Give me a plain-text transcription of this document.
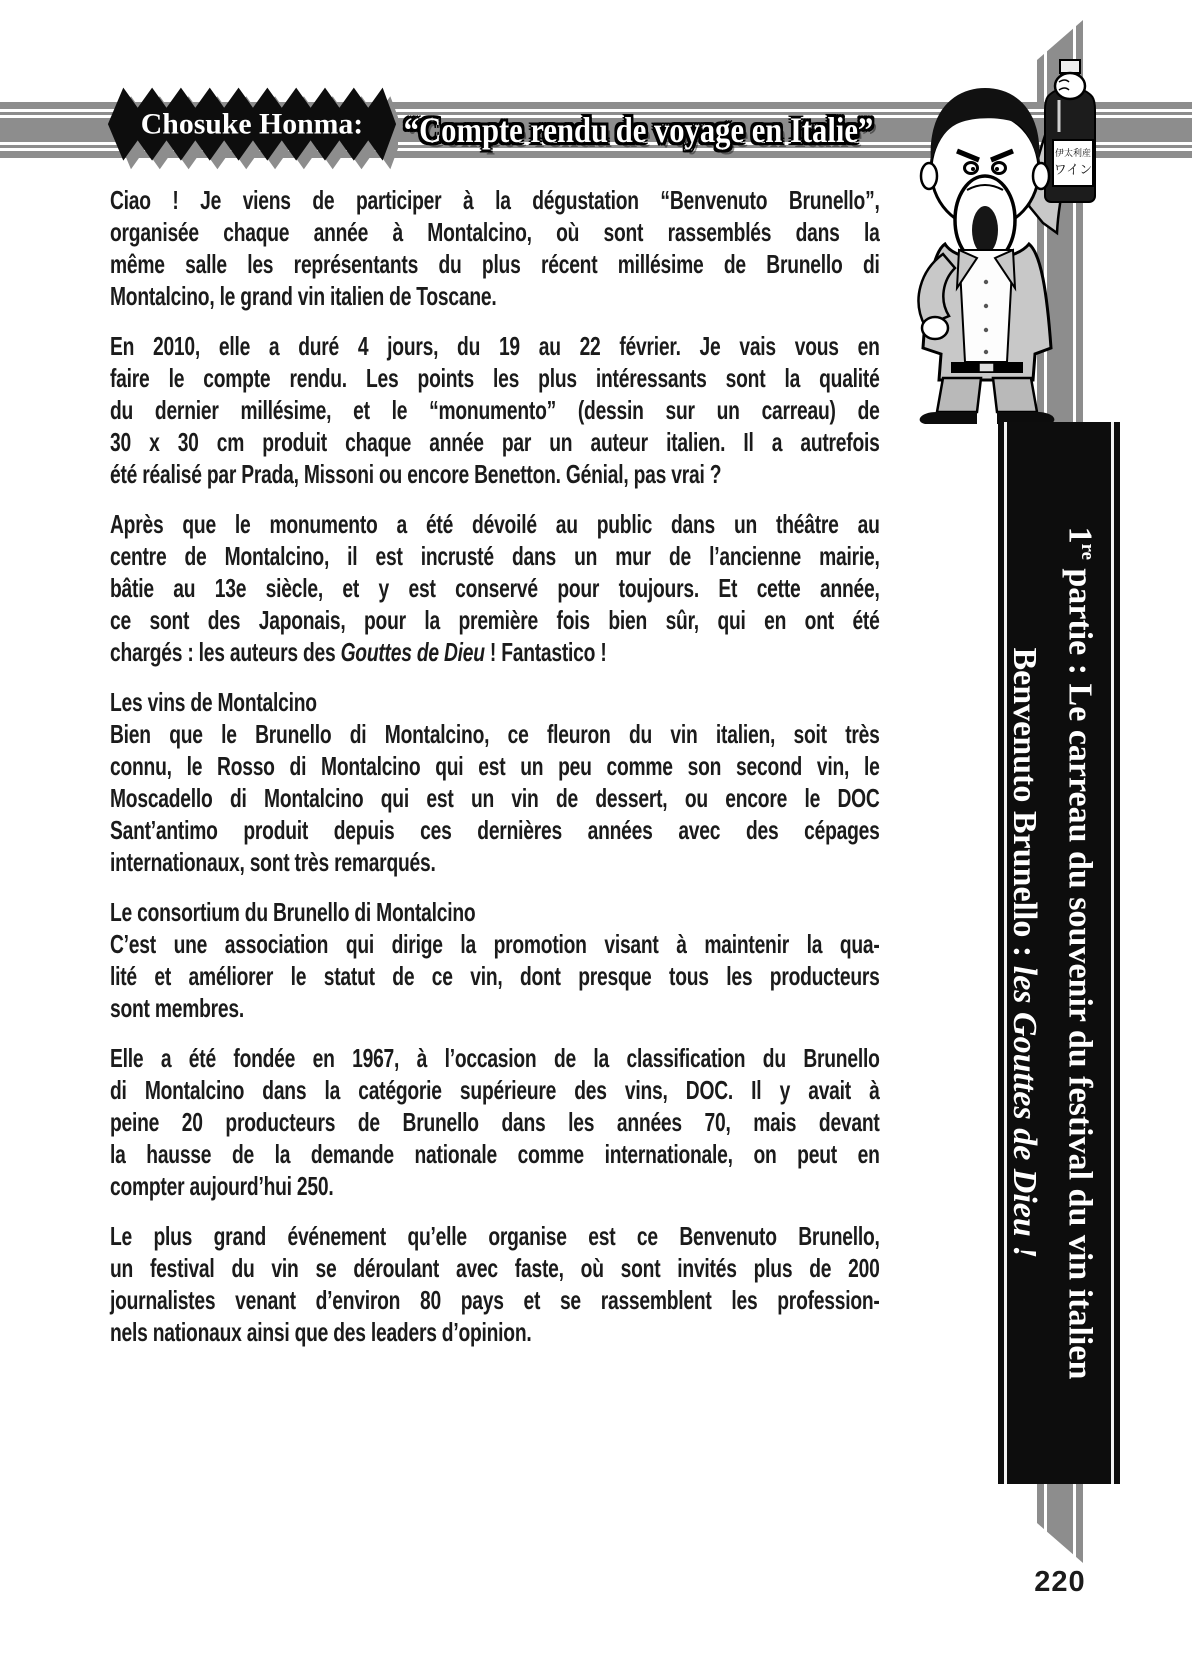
Chosuke Honma:	“Compte rendu de voyage en Italie”
伊太利産
ワイン
1re partie : Le carreau du souvenir du festival du vin italien
Benvenuto Brunello : les Gouttes de Dieu !
Ciao ! Je viens de participer à la dégustation “Benvenuto Brunello”,
organisée chaque année à Montalcino, où sont rassemblés dans la
même salle les représentants du plus récent millésime de Brunello di
Montalcino, le grand vin italien de Toscane.
En 2010, elle a duré 4 jours, du 19 au 22 février. Je vais vous en
faire le compte rendu. Les points les plus intéressants sont la qualité
du dernier millésime, et le “monumento” (dessin sur un carreau) de
30 x 30 cm produit chaque année par un auteur italien. Il a autrefois
été réalisé par Prada, Missoni ou encore Benetton. Génial, pas vrai ?
Après que le monumento a été dévoilé au public dans un théâtre au
centre de Montalcino, il est incrusté dans un mur de l’ancienne mairie,
bâtie au 13e siècle, et y est conservé pour toujours. Et cette année,
ce sont des Japonais, pour la première fois bien sûr, qui en ont été
chargés : les auteurs des Gouttes de Dieu ! Fantastico !
Les vins de Montalcino
Bien que le Brunello di Montalcino, ce fleuron du vin italien, soit très
connu, le Rosso di Montalcino qui est un peu comme son second vin, le
Moscadello di Montalcino qui est un vin de dessert, ou encore le DOC
Sant’antimo produit depuis ces dernières années avec des cépages
internationaux, sont très remarqués.
Le consortium du Brunello di Montalcino
C’est une association qui dirige la promotion visant à maintenir la qua-
lité et améliorer le statut de ce vin, dont presque tous les producteurs
sont membres.
Elle a été fondée en 1967, à l’occasion de la classification du Brunello
di Montalcino dans la catégorie supérieure des vins, DOC. Il y avait à
peine 20 producteurs de Brunello dans les années 70, mais devant
la hausse de la demande nationale comme internationale, on peut en
compter aujourd’hui 250.
Le plus grand événement qu’elle organise est ce Benvenuto Brunello,
un festival du vin se déroulant avec faste, où sont invités plus de 200
journalistes venant d’environ 80 pays et se rassemblent les profession-
nels nationaux ainsi que des leaders d’opinion.
220
